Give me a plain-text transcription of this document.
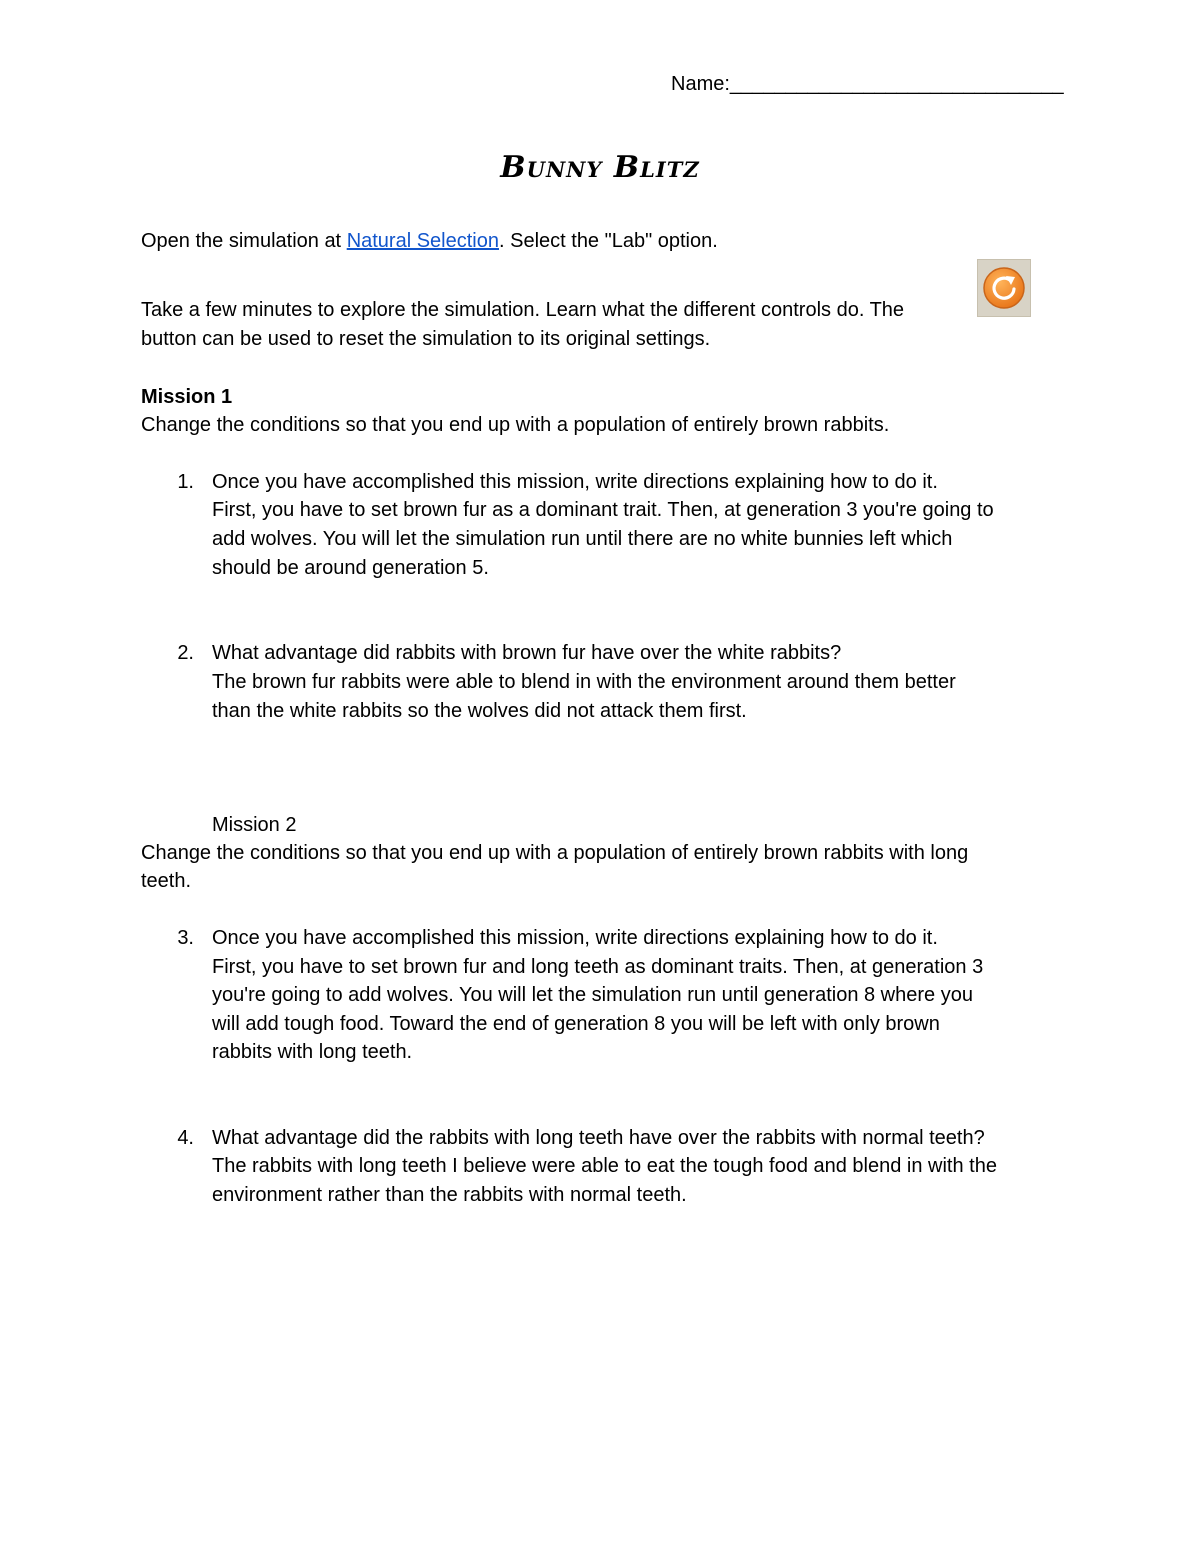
Name:______________________________
Bunny Blitz
Open the simulation at Natural Selection. Select the "Lab" option.
Take a few minutes to explore the simulation. Learn what the different controls do. The
button can be used to reset the simulation to its original settings.
Mission 1
Change the conditions so that you end up with a population of entirely brown rabbits.
1. Once you have accomplished this mission, write directions explaining how to do it.
First, you have to set brown fur as a dominant trait. Then, at generation 3 you're going to
add wolves. You will let the simulation run until there are no white bunnies left which
should be around generation 5.
2. What advantage did rabbits with brown fur have over the white rabbits?
The brown fur rabbits were able to blend in with the environment around them better
than the white rabbits so the wolves did not attack them first.
Mission 2
Change the conditions so that you end up with a population of entirely brown rabbits with long
teeth.
3. Once you have accomplished this mission, write directions explaining how to do it.
First, you have to set brown fur and long teeth as dominant traits. Then, at generation 3
you're going to add wolves. You will let the simulation run until generation 8 where you
will add tough food. Toward the end of generation 8 you will be left with only brown
rabbits with long teeth.
4. What advantage did the rabbits with long teeth have over the rabbits with normal teeth?
The rabbits with long teeth I believe were able to eat the tough food and blend in with the
environment rather than the rabbits with normal teeth.
